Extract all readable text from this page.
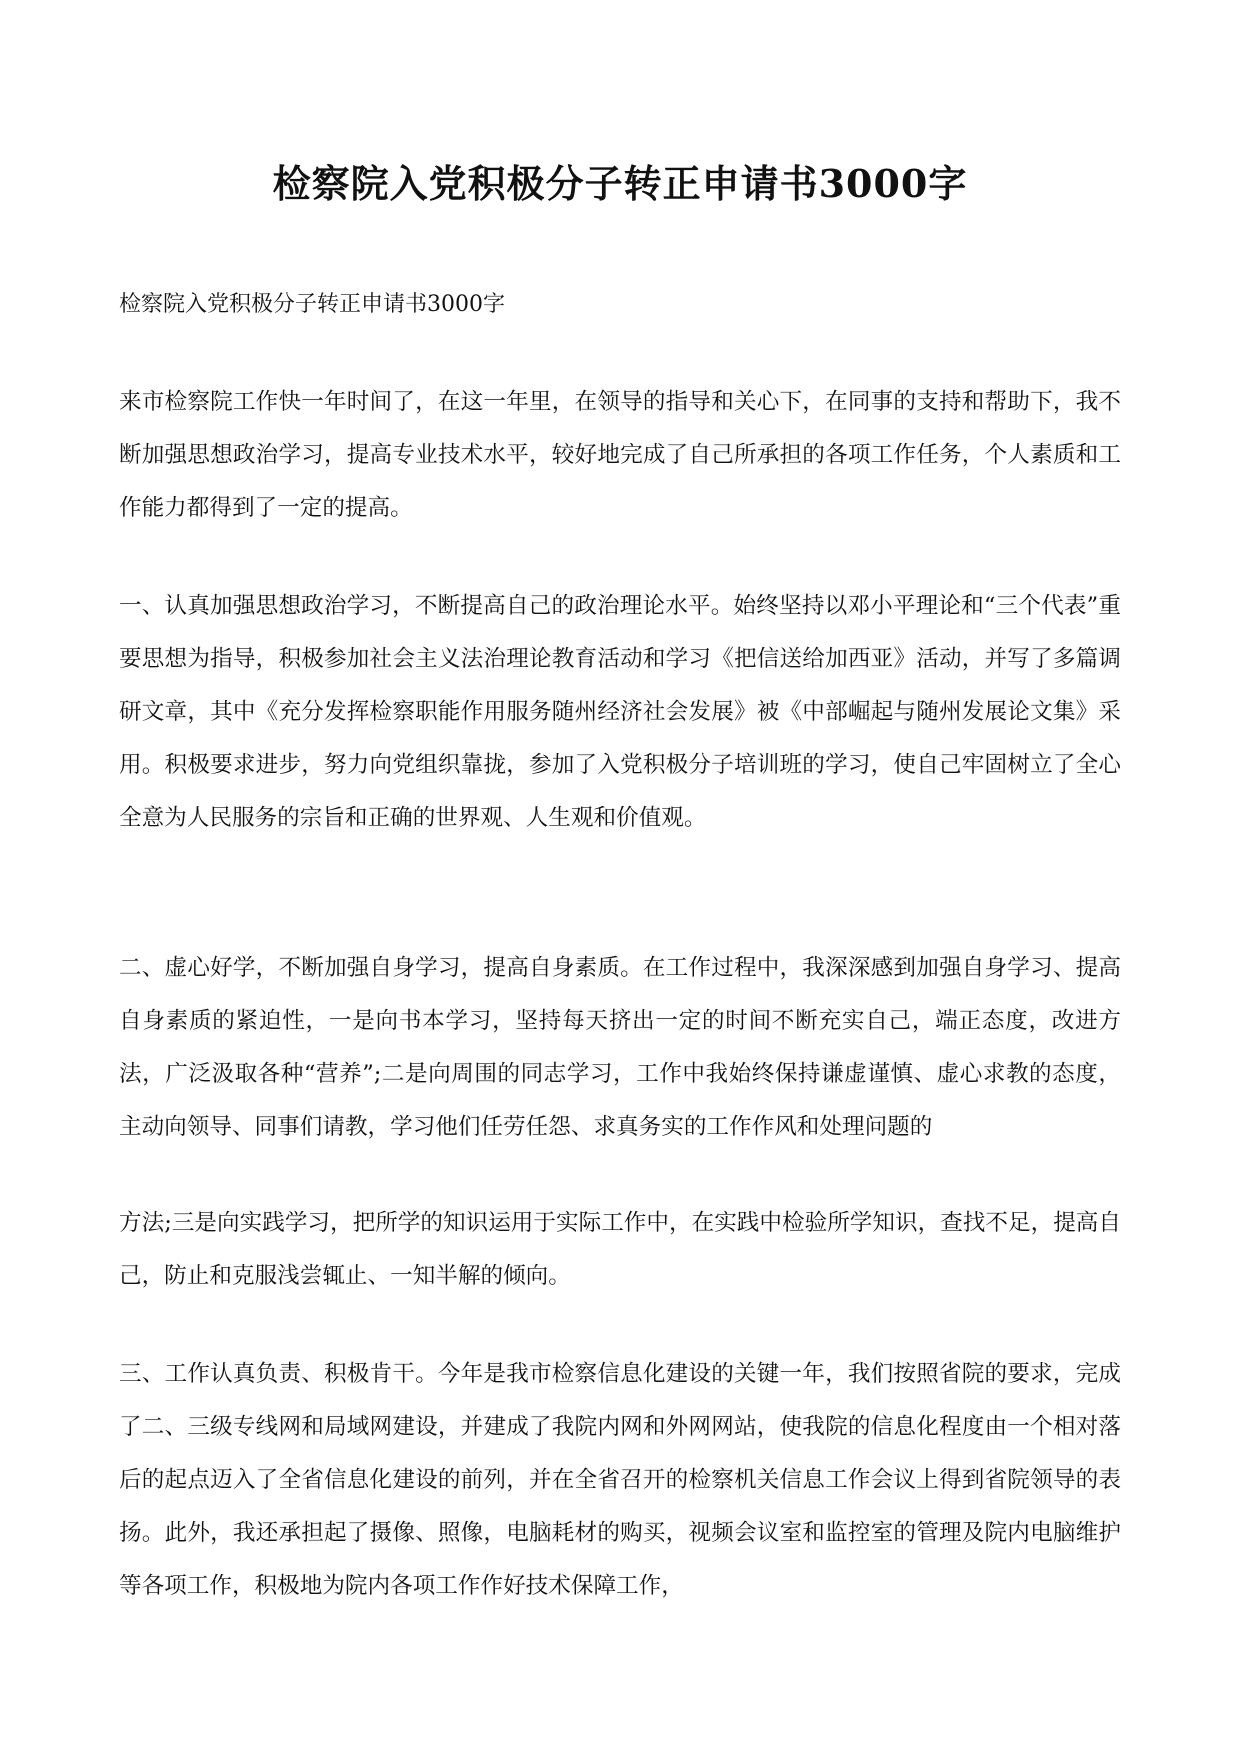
检察院入党积极分子转正申请书3000字
检察院入党积极分子转正申请书3000字

来市检察院工作快一年时间了，在这一年里，在领导的指导和关心下，在同事的支持和帮助下，我不断加强思想政治学习，提高专业技术水平，较好地完成了自己所承担的各项工作任务，个人素质和工作能力都得到了一定的提高。

一、认真加强思想政治学习，不断提高自己的政治理论水平。始终坚持以邓小平理论和“三个代表”重要思想为指导，积极参加社会主义法治理论教育活动和学习《把信送给加西亚》活动，并写了多篇调研文章，其中《充分发挥检察职能作用服务随州经济社会发展》被《中部崛起与随州发展论文集》采用。积极要求进步，努力向党组织靠拢，参加了入党积极分子培训班的学习，使自己牢固树立了全心全意为人民服务的宗旨和正确的世界观、人生观和价值观。

二、虚心好学，不断加强自身学习，提高自身素质。在工作过程中，我深深感到加强自身学习、提高自身素质的紧迫性，一是向书本学习，坚持每天挤出一定的时间不断充实自己，端正态度，改进方法，广泛汲取各种“营养”;二是向周围的同志学习，工作中我始终保持谦虚谨慎、虚心求教的态度，主动向领导、同事们请教，学习他们任劳任怨、求真务实的工作作风和处理问题的

方法;三是向实践学习，把所学的知识运用于实际工作中，在实践中检验所学知识，查找不足，提高自己，防止和克服浅尝辄止、一知半解的倾向。

三、工作认真负责、积极肯干。今年是我市检察信息化建设的关键一年，我们按照省院的要求，完成了二、三级专线网和局域网建设，并建成了我院内网和外网网站，使我院的信息化程度由一个相对落后的起点迈入了全省信息化建设的前列，并在全省召开的检察机关信息工作会议上得到省院领导的表扬。此外，我还承担起了摄像、照像，电脑耗材的购买，视频会议室和监控室的管理及院内电脑维护等各项工作，积极地为院内各项工作作好技术保障工作，
